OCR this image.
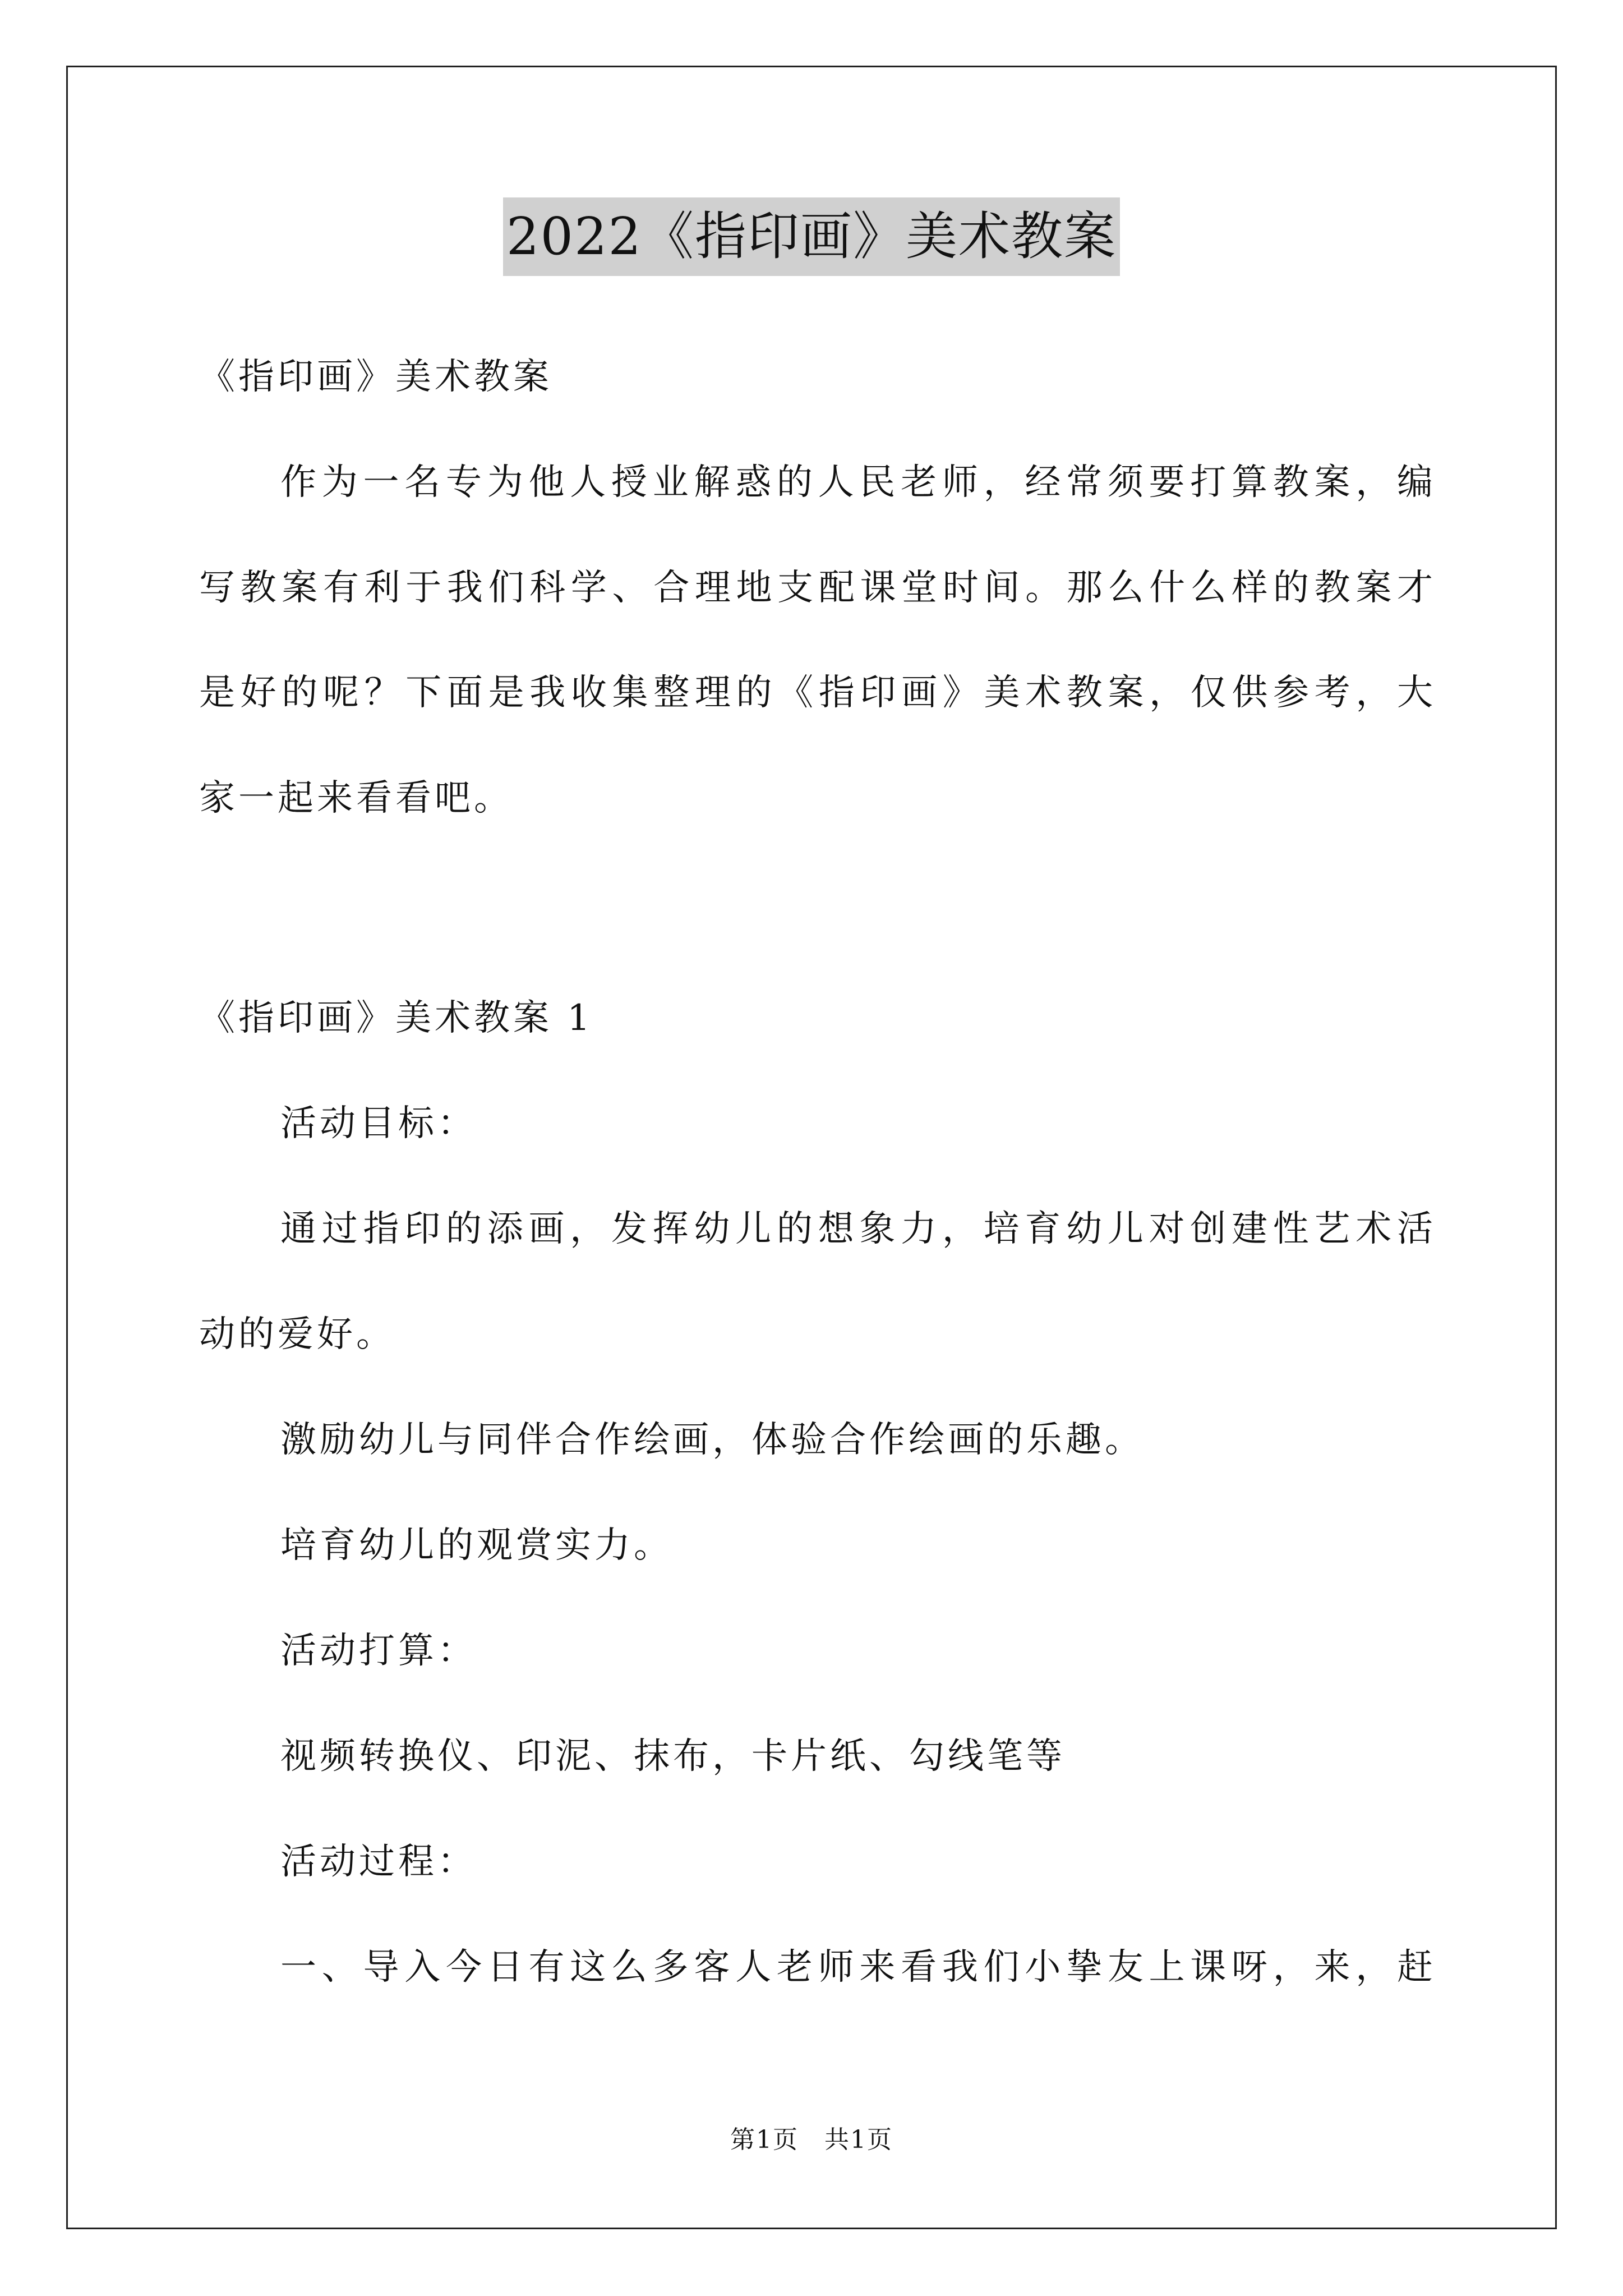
2022《指印画》美术教案
《指印画》美术教案
作为一名专为他人授业解惑的人民老师，经常须要打算教案，编
写教案有利于我们科学、合理地支配课堂时间。那么什么样的教案才
是好的呢？下面是我收集整理的《指印画》美术教案，仅供参考，大
家一起来看看吧。
《指印画》美术教案 1
活动目标：
通过指印的添画，发挥幼儿的想象力，培育幼儿对创建性艺术活
动的爱好。
激励幼儿与同伴合作绘画，体验合作绘画的乐趣。
培育幼儿的观赏实力。
活动打算：
视频转换仪、印泥、抹布，卡片纸、勾线笔等
活动过程：
一、导入今日有这么多客人老师来看我们小挚友上课呀，来，赶
第1页　共1页
